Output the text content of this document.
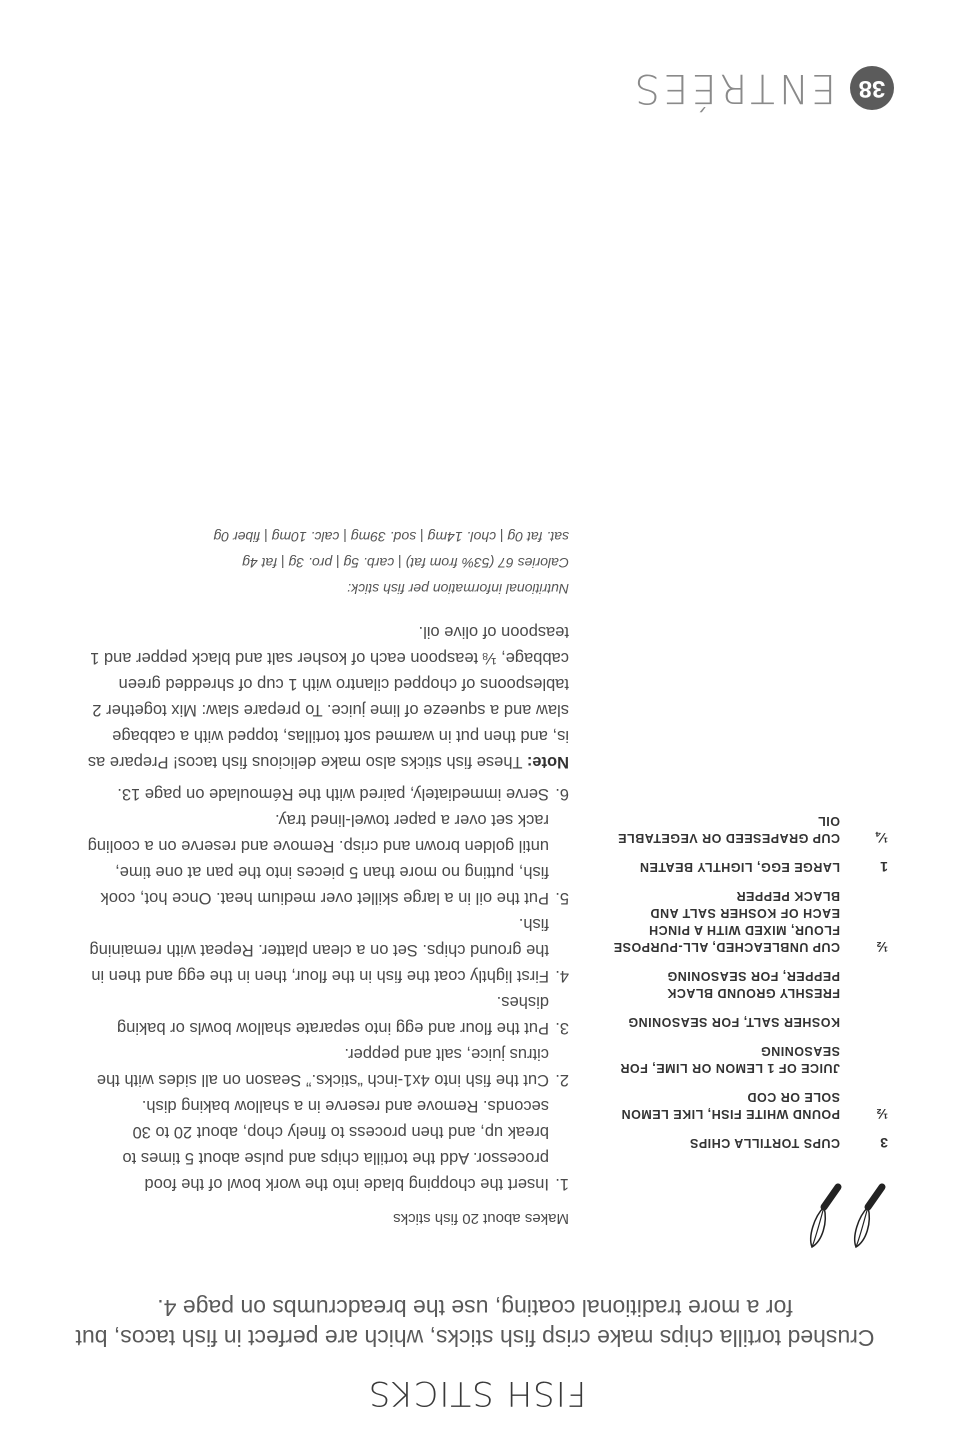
FISH STICKS
Crushed tortilla chips make crisp fish sticks, which are perfect in fish tacos, but for a more traditional coating, use the breadcrumbs on page 4.
3
CUPS TORTILLA CHIPS
½
POUND WHITE FISH, LIKE LEMON SOLE OR COD
JUICE OF 1 LEMON OR LIME, FOR SEASONING
KOSHER SALT, FOR SEASONING
FRESHLY GROUND BLACK PEPPER, FOR SEASONING
½
CUP UNBLEACHED, ALL-PURPOSE FLOUR, MIXED WITH A PINCH EACH OF KOSHER SALT AND BLACK PEPPER
1
LARGE EGG, LIGHTLY BEATEN
¼
CUP GRAPESEED OR VEGETABLE OIL

Makes about 20 fish sticks

1.
Insert the chopping blade into the work bowl of the food processor. Add the tortilla chips and pulse about 5 times to break up, and then process to finely chop, about 20 to 30 seconds. Remove and reserve in a shallow baking dish.
2.
Cut the fish into 4x1-inch “sticks.” Season on all sides with the citrus juice, salt and pepper.
3.
Put the flour and egg into separate shallow bowls or baking dishes.
4.
First lightly coat the fish in the flour, then in the egg and then in the ground chips. Set on a clean platter. Repeat with remaining fish.
5.
Put the oil in a large skillet over medium heat. Once hot, cook fish, putting no more than 5 pieces into the pan at one time, until golden brown and crisp. Remove and reserve on a cooling rack set over a paper towel-lined tray.
6.
Serve immediately, paired with the Rémoulade on page 13.

Note: These fish sticks also make delicious fish tacos! Prepare as is, and then put in warmed soft tortillas, topped with a cabbage slaw and a squeeze of lime juice. To prepare slaw: Mix together 2 tablespoons of chopped cilantro with 1 cup of shredded green cabbage, ⅛ teaspoon each of kosher salt and black pepper and 1 teaspoon of olive oil.

Nutritional information per fish stick:
Calories 67 (53% from fat) | carb. 5g | pro. 3g | fat 4g
sat. fat 0g | chol. 14mg | sod. 39mg | calc. 10mg | fiber 0g
38
ENTRÉES
